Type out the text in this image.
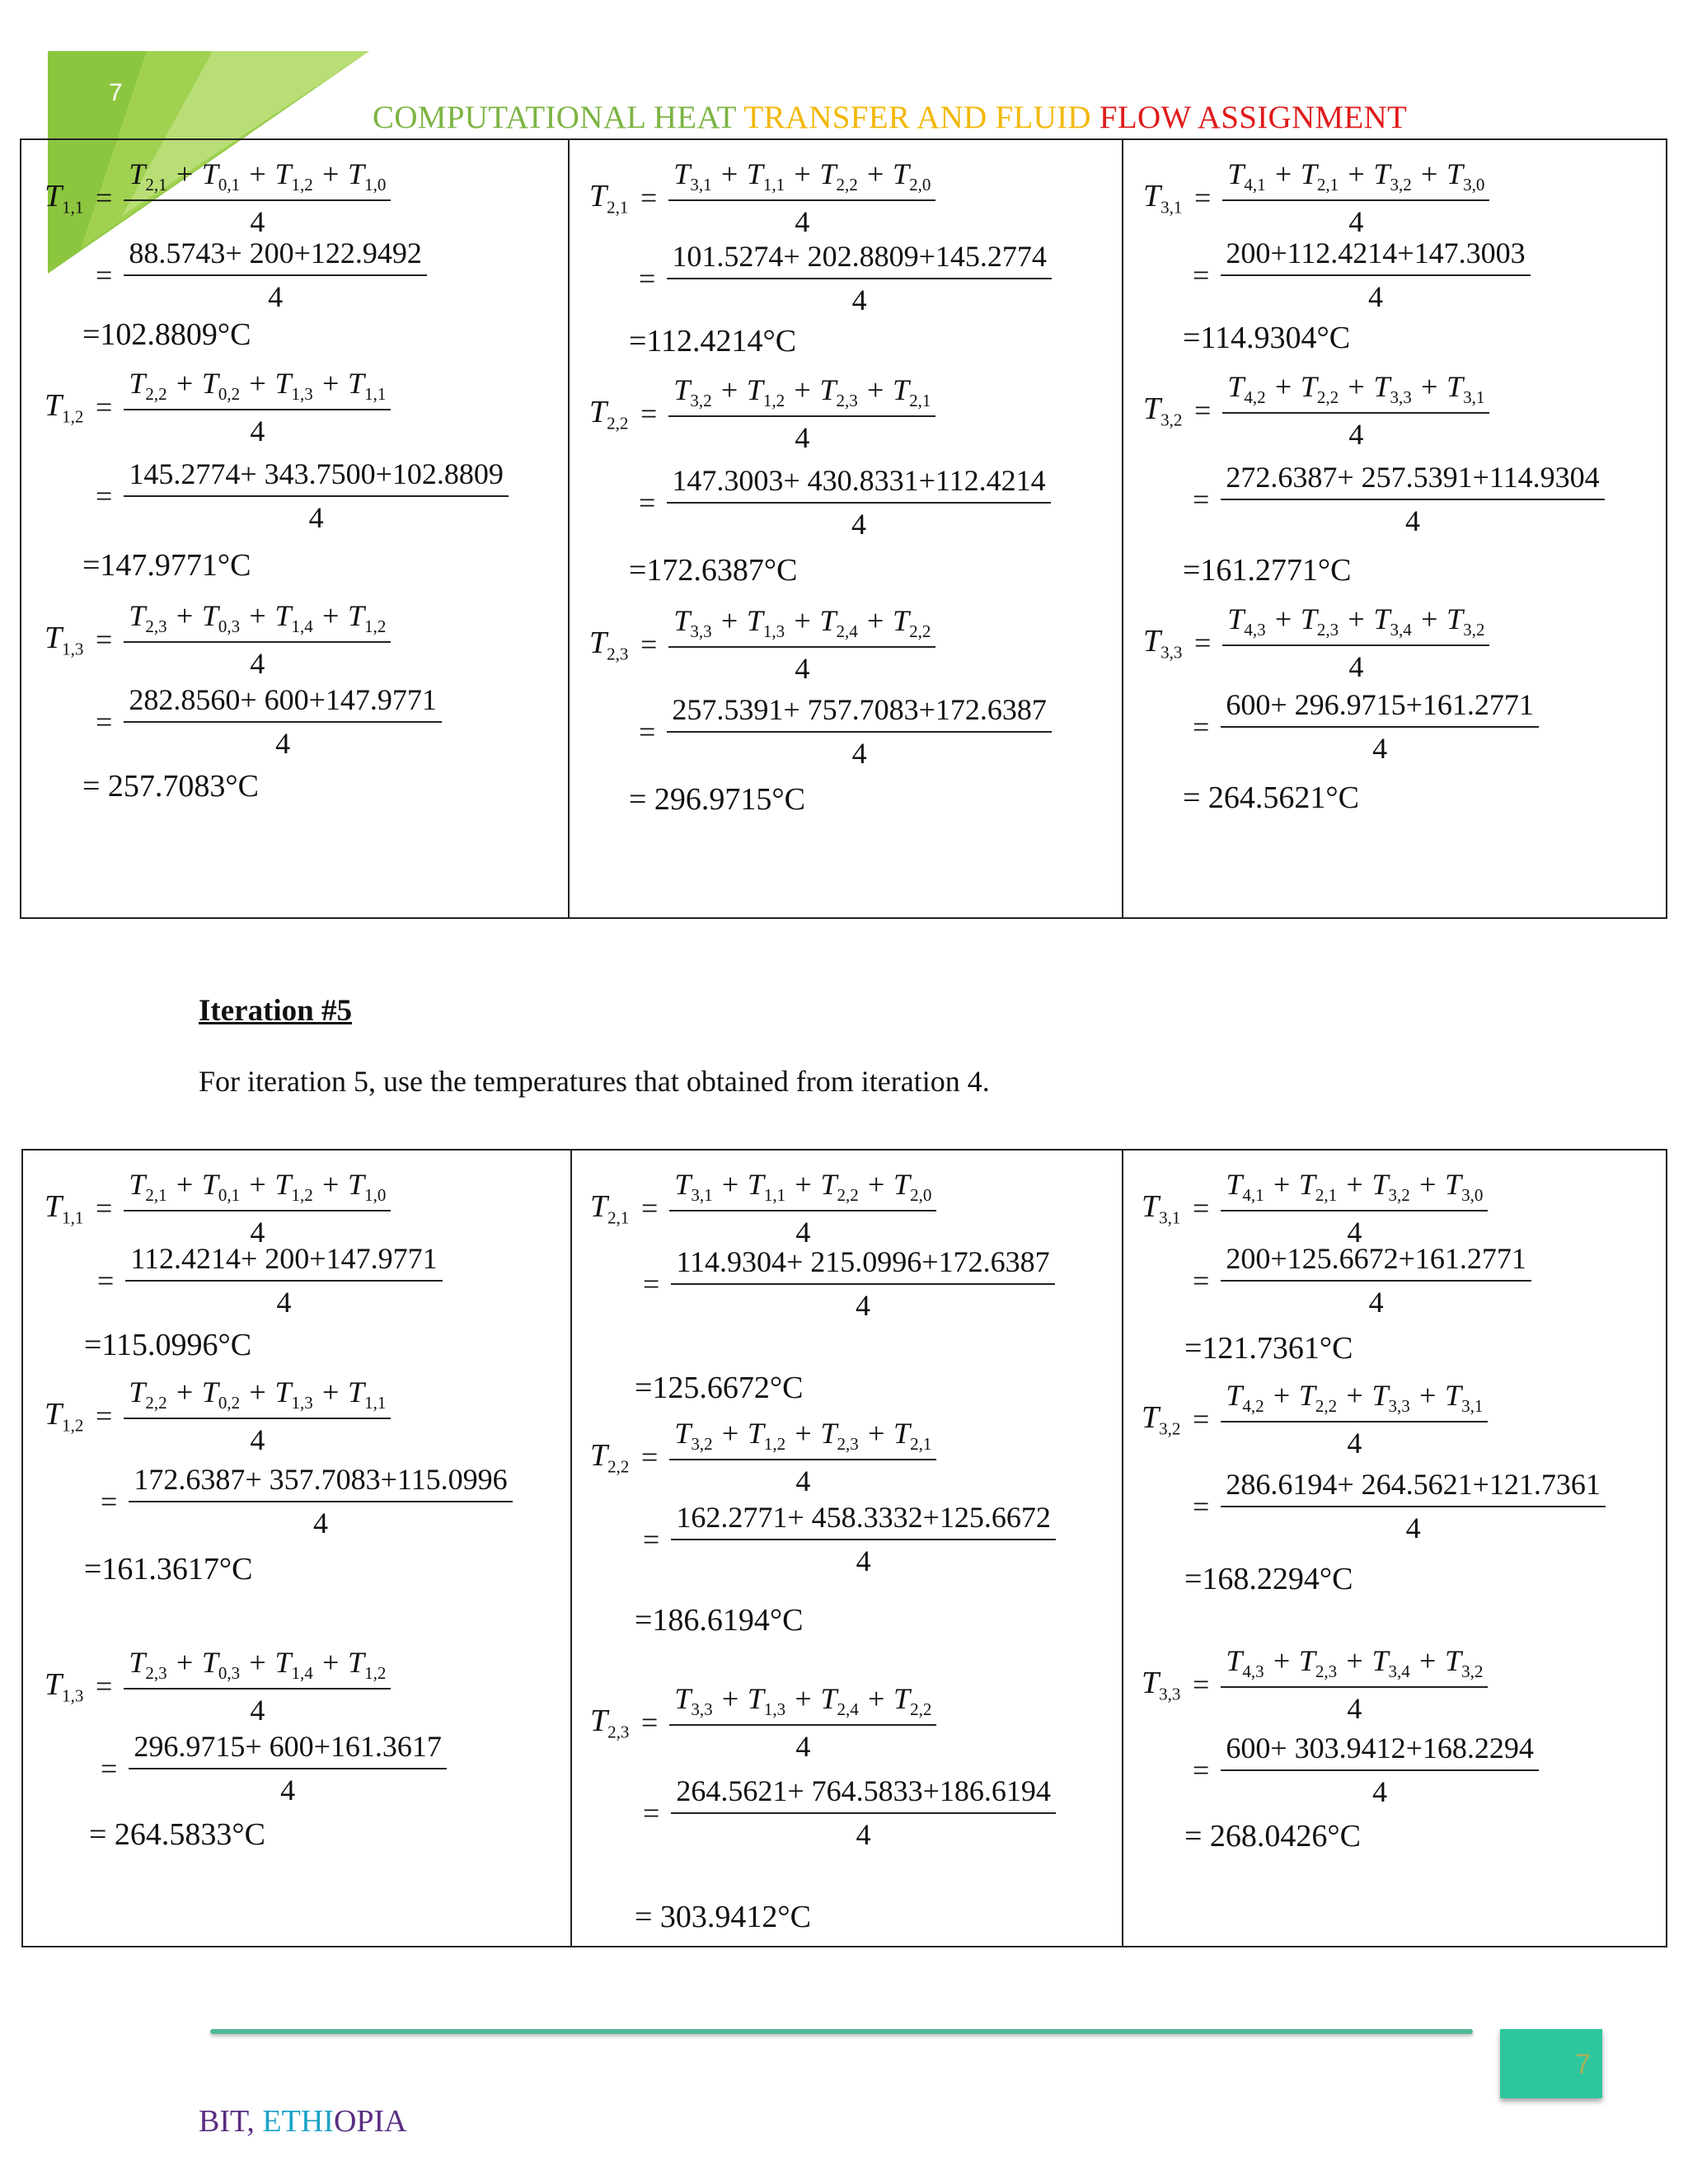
7
COMPUTATIONAL HEAT TRANSFER AND FLUID FLOW ASSIGNMENT
$T_{1,1} = \frac{T_{2,1} + T_{0,1} + T_{1,2} + T_{1,0}}{4}$
= $\frac{88.5743+ 200+122.9492}{4}$
=102.8809°C
$T_{1,2} = \frac{T_{2,2} + T_{0,2} + T_{1,3} + T_{1,1}}{4}$
= $\frac{145.2774+ 343.7500+102.8809}{4}$
=147.9771°C
$T_{1,3} = \frac{T_{2,3} + T_{0,3} + T_{1,4} + T_{1,2}}{4}$
= $\frac{282.8560+ 600+147.9771}{4}$
= 257.7083°C

$T_{2,1} = \frac{T_{3,1} + T_{1,1} + T_{2,2} + T_{2,0}}{4}$
= $\frac{101.5274+ 202.8809+145.2774}{4}$
=112.4214°C
$T_{2,2} = \frac{T_{3,2} + T_{1,2} + T_{2,3} + T_{2,1}}{4}$
= $\frac{147.3003+ 430.8331+112.4214}{4}$
=172.6387°C
$T_{2,3} = \frac{T_{3,3} + T_{1,3} + T_{2,4} + T_{2,2}}{4}$
= $\frac{257.5391+ 757.7083+172.6387}{4}$
= 296.9715°C

$T_{3,1} = \frac{T_{4,1} + T_{2,1} + T_{3,2} + T_{3,0}}{4}$
= $\frac{200+112.4214+147.3003}{4}$
=114.9304°C
$T_{3,2} = \frac{T_{4,2} + T_{2,2} + T_{3,3} + T_{3,1}}{4}$
= $\frac{272.6387+ 257.5391+114.9304}{4}$
=161.2771°C
$T_{3,3} = \frac{T_{4,3} + T_{2,3} + T_{3,4} + T_{3,2}}{4}$
= $\frac{600+ 296.9715+161.2771}{4}$
= 264.5621°C
Iteration #5
For iteration 5, use the temperatures that obtained from iteration 4.
$T_{1,1} = \frac{T_{2,1} + T_{0,1} + T_{1,2} + T_{1,0}}{4}$
= $\frac{112.4214+ 200+147.9771}{4}$
=115.0996°C
$T_{1,2} = \frac{T_{2,2} + T_{0,2} + T_{1,3} + T_{1,1}}{4}$
= $\frac{172.6387+ 357.7083+115.0996}{4}$
=161.3617°C
$T_{1,3} = \frac{T_{2,3} + T_{0,3} + T_{1,4} + T_{1,2}}{4}$
= $\frac{296.9715+ 600+161.3617}{4}$
= 264.5833°C

$T_{2,1} = \frac{T_{3,1} + T_{1,1} + T_{2,2} + T_{2,0}}{4}$
= $\frac{114.9304+ 215.0996+172.6387}{4}$
=125.6672°C
$T_{2,2} = \frac{T_{3,2} + T_{1,2} + T_{2,3} + T_{2,1}}{4}$
= $\frac{162.2771+ 458.3332+125.6672}{4}$
=186.6194°C
$T_{2,3} = \frac{T_{3,3} + T_{1,3} + T_{2,4} + T_{2,2}}{4}$
= $\frac{264.5621+ 764.5833+186.6194}{4}$
= 303.9412°C

$T_{3,1} = \frac{T_{4,1} + T_{2,1} + T_{3,2} + T_{3,0}}{4}$
= $\frac{200+125.6672+161.2771}{4}$
=121.7361°C
$T_{3,2} = \frac{T_{4,2} + T_{2,2} + T_{3,3} + T_{3,1}}{4}$
= $\frac{286.6194+ 264.5621+121.7361}{4}$
=168.2294°C
$T_{3,3} = \frac{T_{4,3} + T_{2,3} + T_{3,4} + T_{3,2}}{4}$
= $\frac{600+ 303.9412+168.2294}{4}$
= 268.0426°C
7
BIT, ETHIOPIA
